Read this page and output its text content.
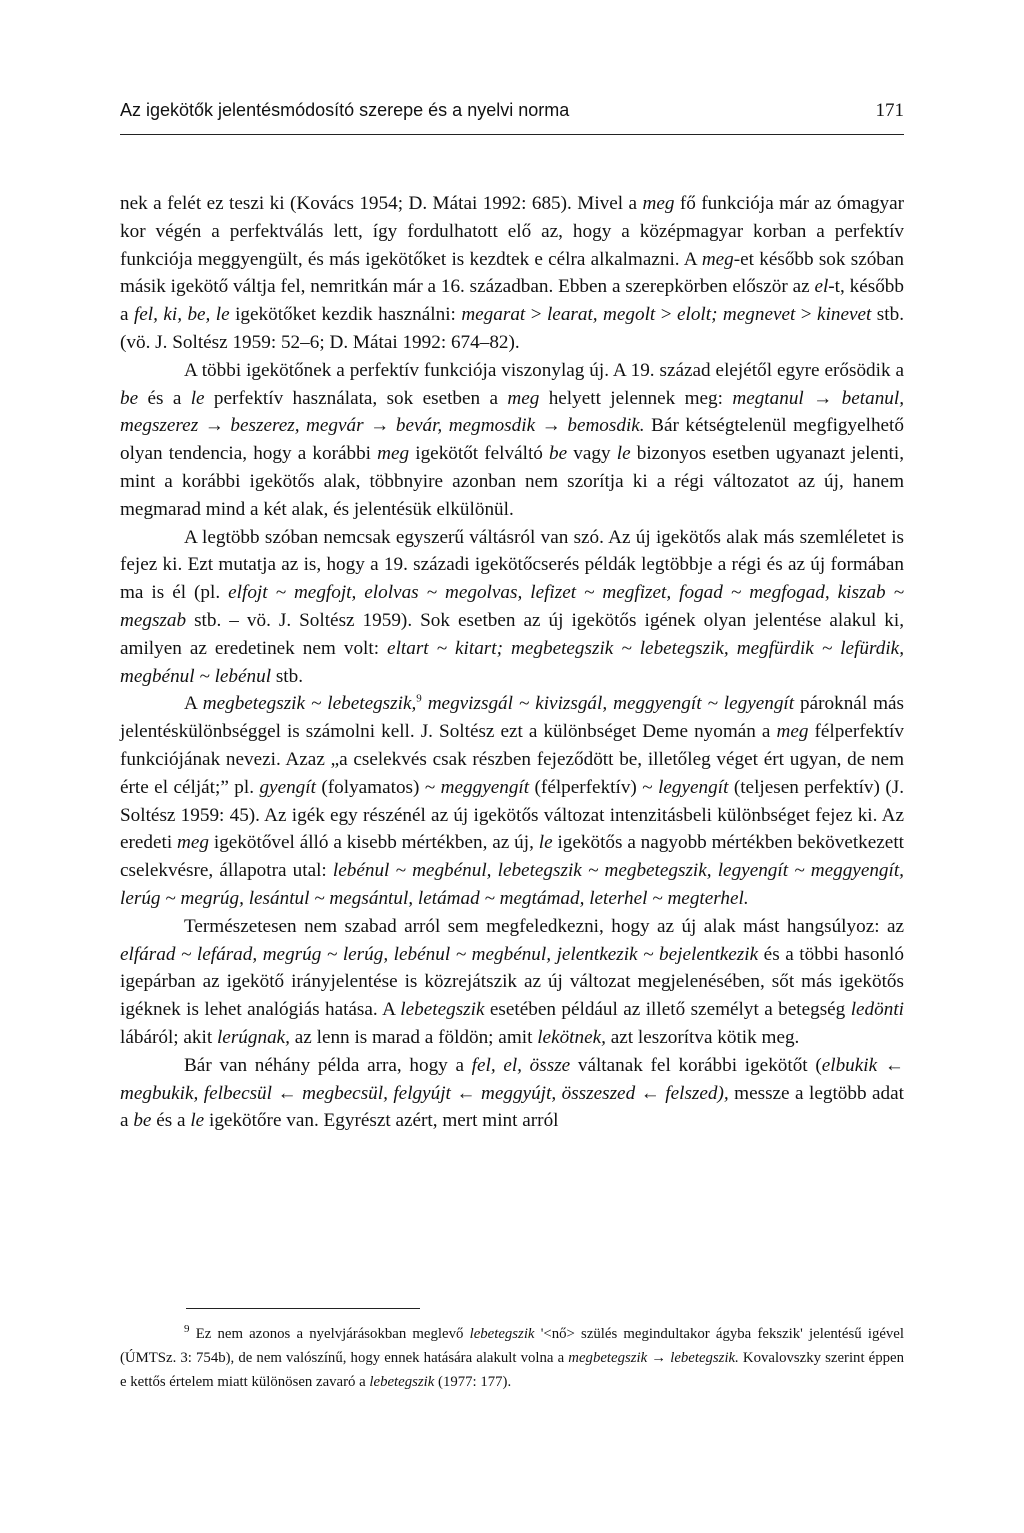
Az igekötők jelentésmódosító szerepe és a nyelvi norma	171

nek a felét ez teszi ki (Kovács 1954; D. Mátai 1992: 685). Mivel a meg fő funkciója már az ómagyar kor végén a perfektválás lett, így fordulhatott elő az, hogy a középmagyar korban a perfektív funkciója meggyengült, és más igekötőket is kezdtek e célra alkalmazni. A meg-et később sok szóban másik igekötő váltja fel, nemritkán már a 16. században. Ebben a szerepkörben először az el-t, később a fel, ki, be, le igekötőket kezdik használni: megarat > learat, megolt > elolt; megnevet > kinevet stb. (vö. J. Soltész 1959: 52–6; D. Mátai 1992: 674–82).

A többi igekötőnek a perfektív funkciója viszonylag új. A 19. század elejétől egyre erősödik a be és a le perfektív használata, sok esetben a meg helyett jelennek meg: megtanul → betanul, megszerez → beszerez, megvár → bevár, megmosdik → bemosdik. Bár kétségtelenül megfigyelhető olyan tendencia, hogy a korábbi meg igekötőt felváltó be vagy le bizonyos esetben ugyanazt jelenti, mint a korábbi igekötős alak, többnyire azonban nem szorítja ki a régi változatot az új, hanem megmarad mind a két alak, és jelentésük elkülönül.

A legtöbb szóban nemcsak egyszerű váltásról van szó. Az új igekötős alak más szemléletet is fejez ki. Ezt mutatja az is, hogy a 19. századi igekötőcserés példák legtöbbje a régi és az új formában ma is él (pl. elfojt ~ megfojt, elolvas ~ megolvas, lefizet ~ megfizet, fogad ~ megfogad, kiszab ~ megszab stb. – vö. J. Soltész 1959). Sok esetben az új igekötős igének olyan jelentése alakul ki, amilyen az eredetinek nem volt: eltart ~ kitart; megbetegszik ~ lebetegszik, megfürdik ~ lefürdik, megbénul ~ lebénul stb.

A megbetegszik ~ lebetegszik,$^9$ megvizsgál ~ kivizsgál, meggyengít ~ legyengít pároknál más jelentéskülönbséggel is számolni kell. J. Soltész ezt a különbséget Deme nyomán a meg félperfektív funkciójának nevezi. Azaz „a cselekvés csak részben fejeződött be, illetőleg véget ért ugyan, de nem érte el célját;” pl. gyengít (folyamatos) ~ meggyengít (félperfektív) ~ legyengít (teljesen perfektív) (J. Soltész 1959: 45). Az igék egy részénél az új igekötős változat intenzitásbeli különbséget fejez ki. Az eredeti meg igekötővel álló a kisebb mértékben, az új, le igekötős a nagyobb mértékben bekövetkezett cselekvésre, állapotra utal: lebénul ~ megbénul, lebetegszik ~ megbetegszik, legyengít ~ meggyengít, lerúg ~ megrúg, lesántul ~ megsántul, letámad ~ megtámad, leterhel ~ megterhel.

Természetesen nem szabad arról sem megfeledkezni, hogy az új alak mást hangsúlyoz: az elfárad ~ lefárad, megrúg ~ lerúg, lebénul ~ megbénul, jelentkezik ~ bejelentkezik és a többi hasonló igepárban az igekötő irányjelentése is közrejátszik az új változat megjelenésében, sőt más igekötős igéknek is lehet analógiás hatása. A lebetegszik esetében például az illető személyt a betegség ledönti lábáról; akit lerúgnak, az lenn is marad a földön; amit lekötnek, azt leszorítva kötik meg.

Bár van néhány példa arra, hogy a fel, el, össze váltanak fel korábbi igekötőt (elbukik ← megbukik, felbecsül ← megbecsül, felgyújt ← meggyújt, összeszed ← felszed), messze a legtöbb adat a be és a le igekötőre van. Egyrészt azért, mert mint arról

$^9$ Ez nem azonos a nyelvjárásokban meglevő lebetegszik '<nő> szülés megindultakor ágyba fekszik' jelentésű igével (ÚMTSz. 3: 754b), de nem valószínű, hogy ennek hatására alakult volna a megbetegszik → lebetegszik. Kovalovszky szerint éppen e kettős értelem miatt különösen zavaró a lebetegszik (1977: 177).
